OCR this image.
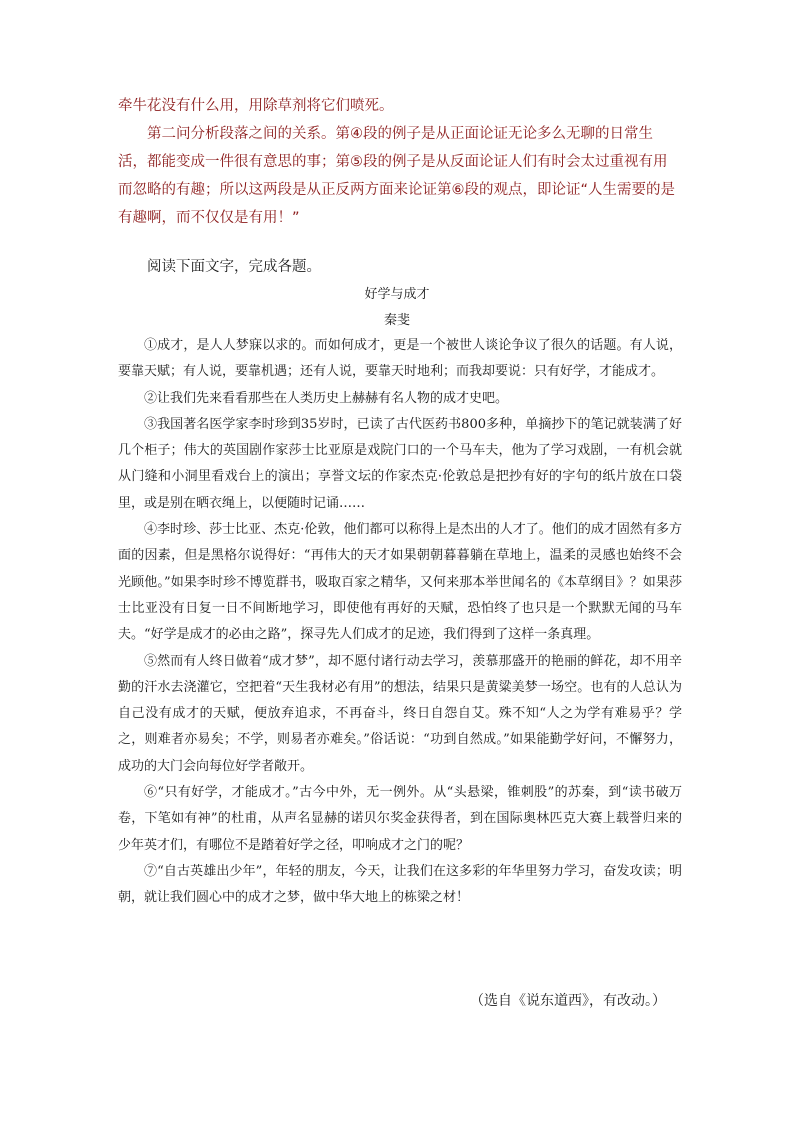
牵牛花没有什么用，用除草剂将它们喷死。

第二问分析段落之间的关系。第④段的例子是从正面论证无论多么无聊的日常生活，都能变成一件很有意思的事；第⑤段的例子是从反面论证人们有时会太过重视有用而忽略的有趣；所以这两段是从正反两方面来论证第⑥段的观点，即论证“人生需要的是有趣啊，而不仅仅是有用！”

阅读下面文字，完成各题。
好学与成才
秦斐

①成才，是人人梦寐以求的。而如何成才，更是一个被世人谈论争议了很久的话题。有人说，要靠天赋；有人说，要靠机遇；还有人说，要靠天时地利；而我却要说：只有好学，才能成才。

②让我们先来看看那些在人类历史上赫赫有名人物的成才史吧。

③我国著名医学家李时珍到35岁时，已读了古代医药书800多种，单摘抄下的笔记就装满了好几个柜子；伟大的英国剧作家莎士比亚原是戏院门口的一个马车夫，他为了学习戏剧，一有机会就从门缝和小洞里看戏台上的演出；享誉文坛的作家杰克·伦敦总是把抄有好的字句的纸片放在口袋里，或是别在晒衣绳上，以便随时记诵……

④李时珍、莎士比亚、杰克·伦敦，他们都可以称得上是杰出的人才了。他们的成才固然有多方面的因素，但是黑格尔说得好：“再伟大的天才如果朝朝暮暮躺在草地上，温柔的灵感也始终不会光顾他。”如果李时珍不博览群书，吸取百家之精华，又何来那本举世闻名的《本草纲目》？如果莎士比亚没有日复一日不间断地学习，即使他有再好的天赋，恐怕终了也只是一个默默无闻的马车夫。“好学是成才的必由之路”，探寻先人们成才的足迹，我们得到了这样一条真理。

⑤然而有人终日做着“成才梦”，却不愿付诸行动去学习，羡慕那盛开的艳丽的鲜花，却不用辛勤的汗水去浇灌它，空把着“天生我材必有用”的想法，结果只是黄粱美梦一场空。也有的人总认为自己没有成才的天赋，便放弃追求，不再奋斗，终日自怨自艾。殊不知“人之为学有难易乎？学之，则难者亦易矣；不学，则易者亦难矣。”俗话说：“功到自然成。”如果能勤学好问，不懈努力，成功的大门会向每位好学者敞开。

⑥“只有好学，才能成才。”古今中外，无一例外。从“头悬梁，锥刺股”的苏秦，到“读书破万卷，下笔如有神”的杜甫，从声名显赫的诺贝尔奖金获得者，到在国际奥林匹克大赛上载誉归来的少年英才们，有哪位不是踏着好学之径，叩响成才之门的呢？

⑦“自古英雄出少年”，年轻的朋友，今天，让我们在这多彩的年华里努力学习，奋发攻读；明朝，就让我们圆心中的成才之梦，做中华大地上的栋梁之材！

（选自《说东道西》，有改动。）
